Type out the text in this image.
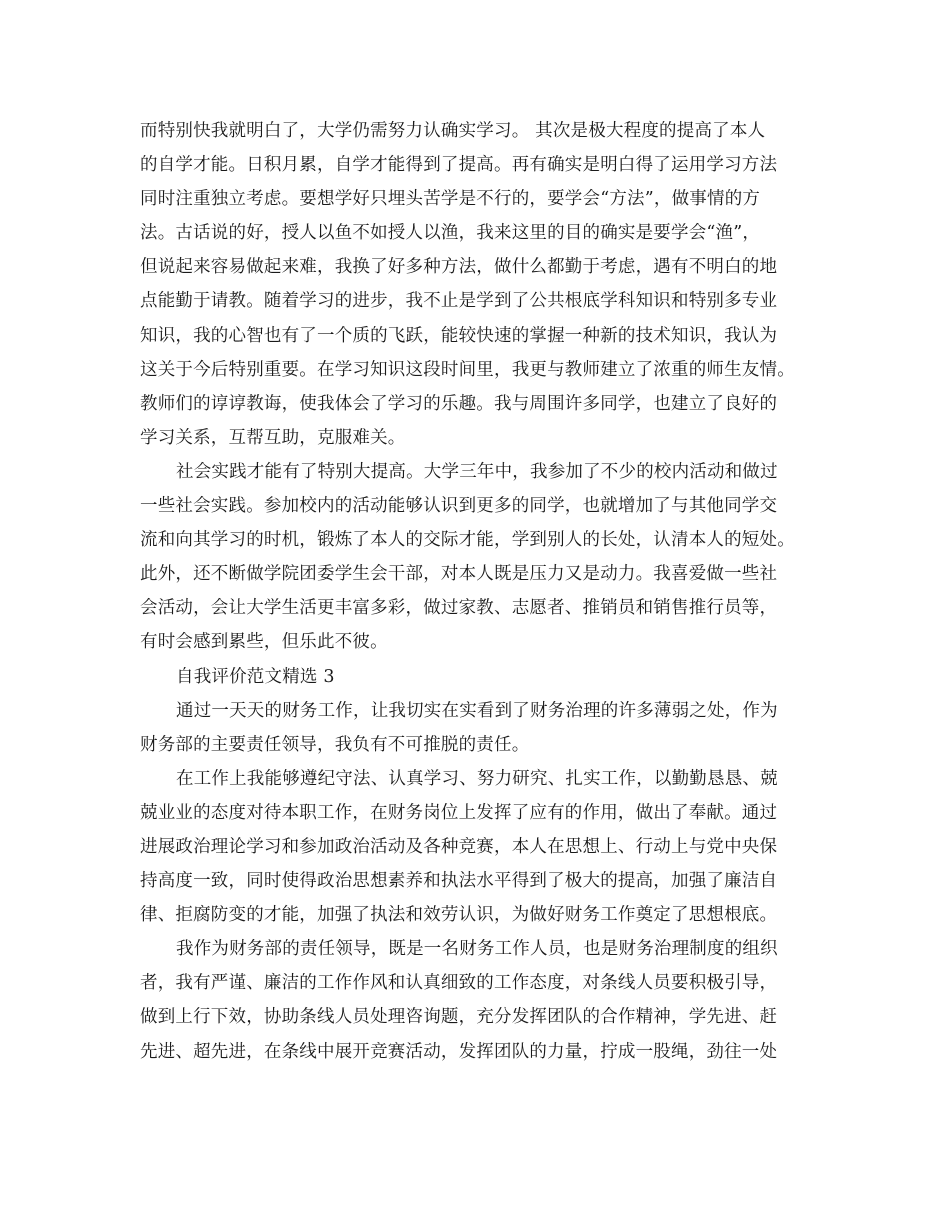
而特别快我就明白了，大学仍需努力认确实学习。 其次是极大程度的提高了本人
的自学才能。日积月累，自学才能得到了提高。再有确实是明白得了运用学习方法
同时注重独立考虑。要想学好只埋头苦学是不行的，要学会“方法”，做事情的方
法。古话说的好，授人以鱼不如授人以渔，我来这里的目的确实是要学会“渔”，
但说起来容易做起来难，我换了好多种方法，做什么都勤于考虑，遇有不明白的地
点能勤于请教。随着学习的进步，我不止是学到了公共根底学科知识和特别多专业
知识，我的心智也有了一个质的飞跃，能较快速的掌握一种新的技术知识，我认为
这关于今后特别重要。在学习知识这段时间里，我更与教师建立了浓重的师生友情。
教师们的谆谆教诲，使我体会了学习的乐趣。我与周围许多同学，也建立了良好的
学习关系，互帮互助，克服难关。
社会实践才能有了特别大提高。大学三年中，我参加了不少的校内活动和做过
一些社会实践。参加校内的活动能够认识到更多的同学，也就增加了与其他同学交
流和向其学习的时机，锻炼了本人的交际才能，学到别人的长处，认清本人的短处。
此外，还不断做学院团委学生会干部，对本人既是压力又是动力。我喜爱做一些社
会活动，会让大学生活更丰富多彩，做过家教、志愿者、推销员和销售推行员等，
有时会感到累些，但乐此不彼。
自我评价范文精选 3
通过一天天的财务工作，让我切实在实看到了财务治理的许多薄弱之处，作为
财务部的主要责任领导，我负有不可推脱的责任。
在工作上我能够遵纪守法、认真学习、努力研究、扎实工作，以勤勤恳恳、兢
兢业业的态度对待本职工作，在财务岗位上发挥了应有的作用，做出了奉献。通过
进展政治理论学习和参加政治活动及各种竞赛，本人在思想上、行动上与党中央保
持高度一致，同时使得政治思想素养和执法水平得到了极大的提高，加强了廉洁自
律、拒腐防变的才能，加强了执法和效劳认识，为做好财务工作奠定了思想根底。
我作为财务部的责任领导，既是一名财务工作人员，也是财务治理制度的组织
者，我有严谨、廉洁的工作作风和认真细致的工作态度，对条线人员要积极引导，
做到上行下效，协助条线人员处理咨询题，充分发挥团队的合作精神，学先进、赶
先进、超先进，在条线中展开竞赛活动，发挥团队的力量，拧成一股绳，劲往一处
